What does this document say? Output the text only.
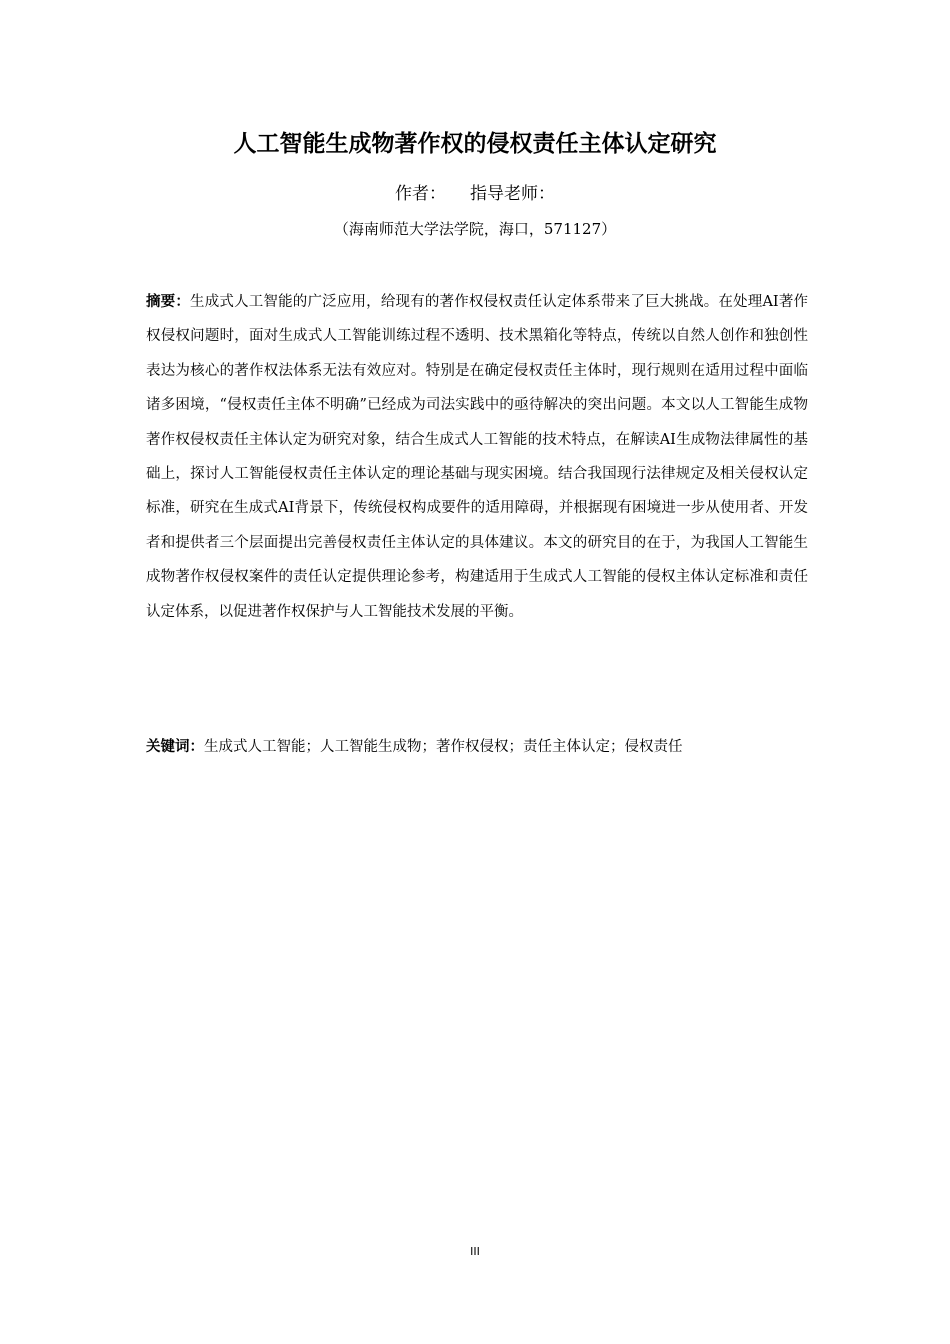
人工智能生成物著作权的侵权责任主体认定研究
作者： 指导老师：
（海南师范大学法学院，海口，571127）

摘要：生成式人工智能的广泛应用，给现有的著作权侵权责任认定体系带来了巨大挑战。在处理AI著作权侵权问题时，面对生成式人工智能训练过程不透明、技术黑箱化等特点，传统以自然人创作和独创性表达为核心的著作权法体系无法有效应对。特别是在确定侵权责任主体时，现行规则在适用过程中面临诸多困境，“侵权责任主体不明确”已经成为司法实践中的亟待解决的突出问题。本文以人工智能生成物著作权侵权责任主体认定为研究对象，结合生成式人工智能的技术特点，在解读AI生成物法律属性的基础上，探讨人工智能侵权责任主体认定的理论基础与现实困境。结合我国现行法律规定及相关侵权认定标准，研究在生成式AI背景下，传统侵权构成要件的适用障碍，并根据现有困境进一步从使用者、开发者和提供者三个层面提出完善侵权责任主体认定的具体建议。本文的研究目的在于，为我国人工智能生成物著作权侵权案件的责任认定提供理论参考，构建适用于生成式人工智能的侵权主体认定标准和责任认定体系，以促进著作权保护与人工智能技术发展的平衡。

关键词：生成式人工智能；人工智能生成物；著作权侵权；责任主体认定；侵权责任

III
